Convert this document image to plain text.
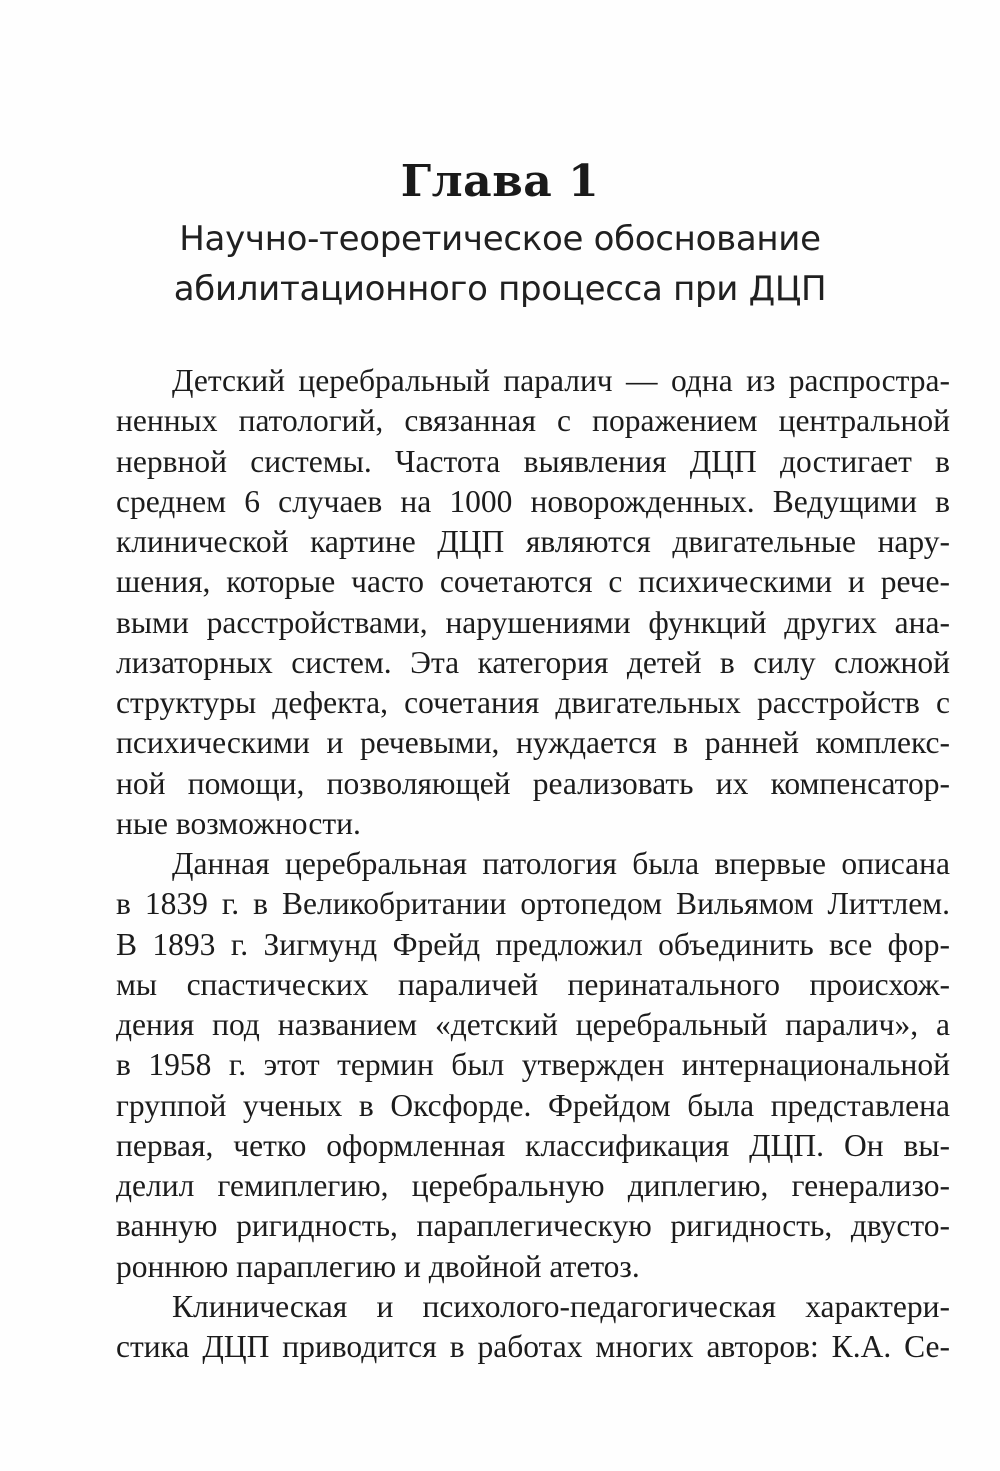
Глава 1
Научно-теоретическое обоснование
абилитационного процесса при ДЦП

Детский церебральный паралич — одна из распростра-
ненных патологий, связанная с поражением центральной
нервной системы. Частота выявления ДЦП достигает в
среднем 6 случаев на 1000 новорожденных. Ведущими в
клинической картине ДЦП являются двигательные нару-
шения, которые часто сочетаются с психическими и рече-
выми расстройствами, нарушениями функций других ана-
лизаторных систем. Эта категория детей в силу сложной
структуры дефекта, сочетания двигательных расстройств с
психическими и речевыми, нуждается в ранней комплекс-
ной помощи, позволяющей реализовать их компенсатор-
ные возможности.

Данная церебральная патология была впервые описана
в 1839 г. в Великобритании ортопедом Вильямом Литтлем.
В 1893 г. Зигмунд Фрейд предложил объединить все фор-
мы спастических параличей перинатального происхож-
дения под названием «детский церебральный паралич», а
в 1958 г. этот термин был утвержден интернациональной
группой ученых в Оксфорде. Фрейдом была представлена
первая, четко оформленная классификация ДЦП. Он вы-
делил гемиплегию, церебральную диплегию, генерализо-
ванную ригидность, параплегическую ригидность, двусто-
роннюю параплегию и двойной атетоз.

Клиническая и психолого-педагогическая характери-
стика ДЦП приводится в работах многих авторов: К.А. Се-
